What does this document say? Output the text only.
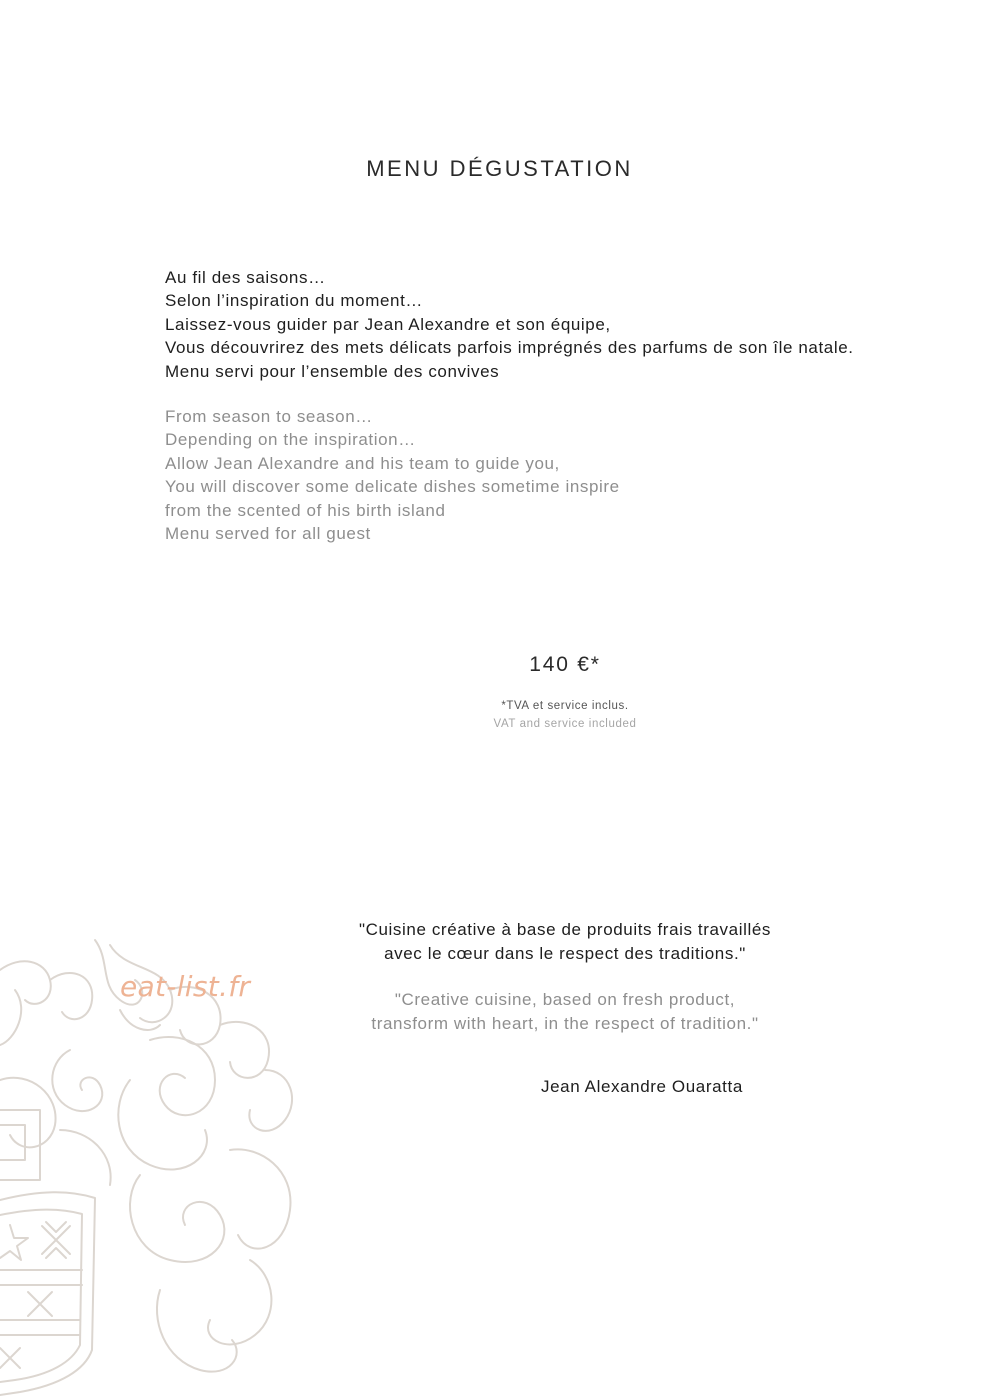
MENU DÉGUSTATION
Au fil des saisons…
Selon l’inspiration du moment…
Laissez-vous guider par Jean Alexandre et son équipe,
Vous découvrirez des mets délicats parfois imprégnés des parfums de son île natale.
Menu servi pour l’ensemble des convives
From season to season…
Depending on the inspiration…
Allow Jean Alexandre and his team to guide you,
You will discover some delicate dishes sometime inspire
from the scented of his birth island
Menu served for all guest
140 €*
*TVA et service inclus.
VAT and service included
eat-list.fr
"Cuisine créative à base de produits frais travaillés
avec le cœur dans le respect des traditions."
"Creative cuisine, based on fresh product,
transform with heart, in the respect of tradition."
Jean Alexandre Ouaratta
